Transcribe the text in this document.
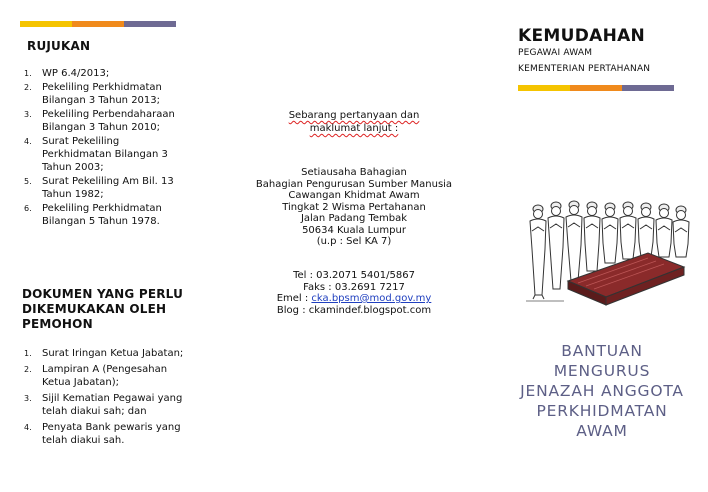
RUJUKAN
1. WP 6.4/2013;
2. Pekeliling Perkhidmatan
Bilangan 3 Tahun 2013;
3. Pekeliling Perbendaharaan
Bilangan 3 Tahun 2010;
4. Surat Pekeliling
Perkhidmatan Bilangan 3
Tahun 2003;
5. Surat Pekeliling Am Bil. 13
Tahun 1982;
6. Pekeliling Perkhidmatan
Bilangan 5 Tahun 1978.
DOKUMEN YANG PERLU
DIKEMUKAKAN OLEH
PEMOHON
1. Surat Iringan Ketua Jabatan;
2. Lampiran A (Pengesahan
Ketua Jabatan);
3. Sijil Kematian Pegawai yang
telah diakui sah; dan
4. Penyata Bank pewaris yang
telah diakui sah.
Sebarang pertanyaan dan
maklumat lanjut :
Setiausaha Bahagian
Bahagian Pengurusan Sumber Manusia
Cawangan Khidmat Awam
Tingkat 2 Wisma Pertahanan
Jalan Padang Tembak
50634 Kuala Lumpur
(u.p : Sel KA 7)
Tel : 03.2071 5401/5867
Faks : 03.2691 7217
Emel : cka.bpsm@mod.gov.my
Blog : ckamindef.blogspot.com
KEMUDAHAN
PEGAWAI AWAM
KEMENTERIAN PERTAHANAN
BANTUAN
MENGURUS
JENAZAH ANGGOTA
PERKHIDMATAN
AWAM
